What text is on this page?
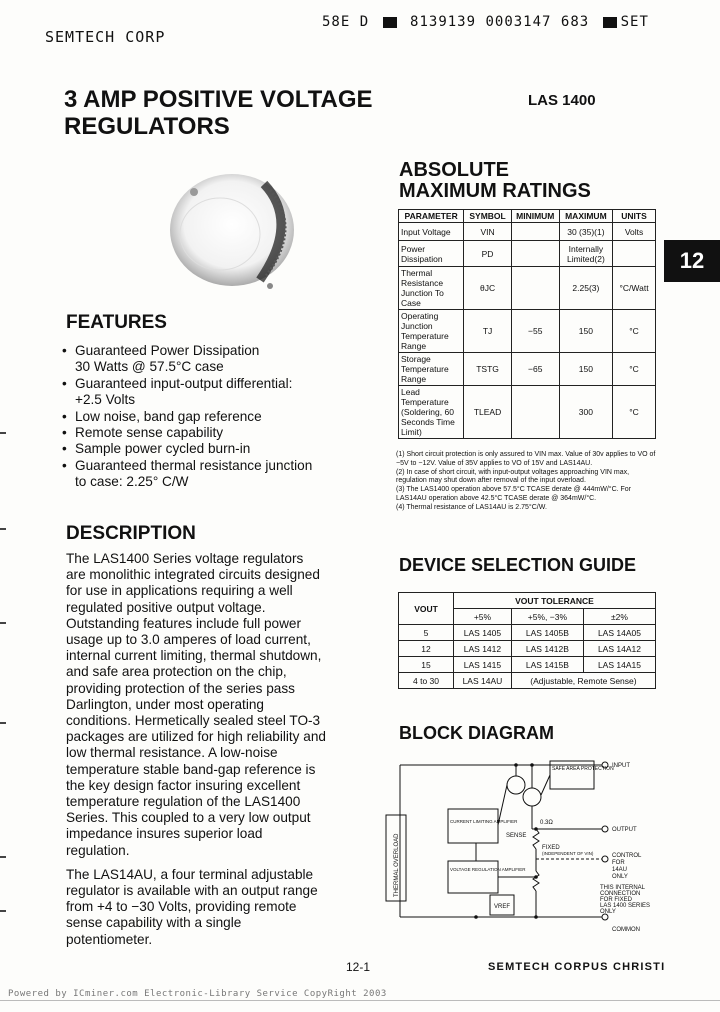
SEMTECH CORP
58E D	8139139 0003147 683 SET
3 AMP POSITIVE VOLTAGE
REGULATORS
LAS 1400
12
FEATURES
• Guaranteed Power Dissipation
30 Watts @ 57.5°C case
• Guaranteed input-output differential:
+2.5 Volts
• Low noise, band gap reference
• Remote sense capability
• Sample power cycled burn-in
• Guaranteed thermal resistance junction
to case: 2.25° C/W
DESCRIPTION

The LAS1400 Series voltage regulators are monolithic integrated circuits designed for use in applications requiring a well regulated positive output voltage. Outstanding features include full power usage up to 3.0 amperes of load current, internal current limiting, thermal shutdown, and safe area protection on the chip, providing protection of the series pass Darlington, under most operating conditions. Hermetically sealed steel TO-3 packages are utilized for high reliability and low thermal resistance. A low-noise temperature stable band-gap reference is the key design factor insuring excellent temperature regulation of the LAS1400 Series. This coupled to a very low output impedance insures superior load regulation.

The LAS14AU, a four terminal adjustable regulator is available with an output range from +4 to −30 Volts, providing remote sense capability with a single potentiometer.

ABSOLUTE
MAXIMUM RATINGS
PARAMETER	SYMBOL	MINIMUM	MAXIMUM	UNITS
Input Voltage	VIN		30 (35)(1)	Volts
Power Dissipation	PD		Internally Limited(2)	
Thermal Resistance Junction To Case	θJC		2.25(3)	°C/Watt
Operating Junction Temperature Range	TJ	−55	150	°C
Storage Temperature Range	TSTG	−65	150	°C
Lead Temperature (Soldering, 60 Seconds Time Limit)	TLEAD		300	°C
(1) Short circuit protection is only assured to VIN max. Value of 30v applies to VO of −5V to −12V. Value of 35V applies to VO of 15V and LAS14AU.
(2) In case of short circuit, with input-output voltages approaching VIN max, regulation may shut down after removal of the input overload.
(3) The LAS1400 operation above 57.5°C TCASE derate @ 444mW/°C. For LAS14AU operation above 42.5°C TCASE derate @ 364mW/°C.
(4) Thermal resistance of LAS14AU is 2.75°C/W.
DEVICE SELECTION GUIDE
VOUT	VOUT TOLERANCE		
	+5%	+5%, −3%	±2%
5	LAS 1405	LAS 1405B	LAS 14A05
12	LAS 1412	LAS 1412B	LAS 14A12
15	LAS 1415	LAS 1415B	LAS 14A15
4 to 30	LAS 14AU	(Adjustable, Remote Sense)	
BLOCK DIAGRAM
INPUT
SAFE AREA PROTECTION
CURRENT LIMITING AMPLIFIER
THERMAL OVERLOAD
OUTPUT
SENSE
0.3Ω
FIXED
(INDEPENDENT OF VIN)	CONTROL
FOR
14AU
ONLY
VOLTAGE REGULATION AMPLIFIER
VREF
THIS INTERNAL
CONNECTION
FOR FIXED
LAS 1400 SERIES
ONLY
COMMON
12-1	SEMTECH CORPUS CHRISTI
Powered by ICminer.com Electronic-Library Service CopyRight 2003
